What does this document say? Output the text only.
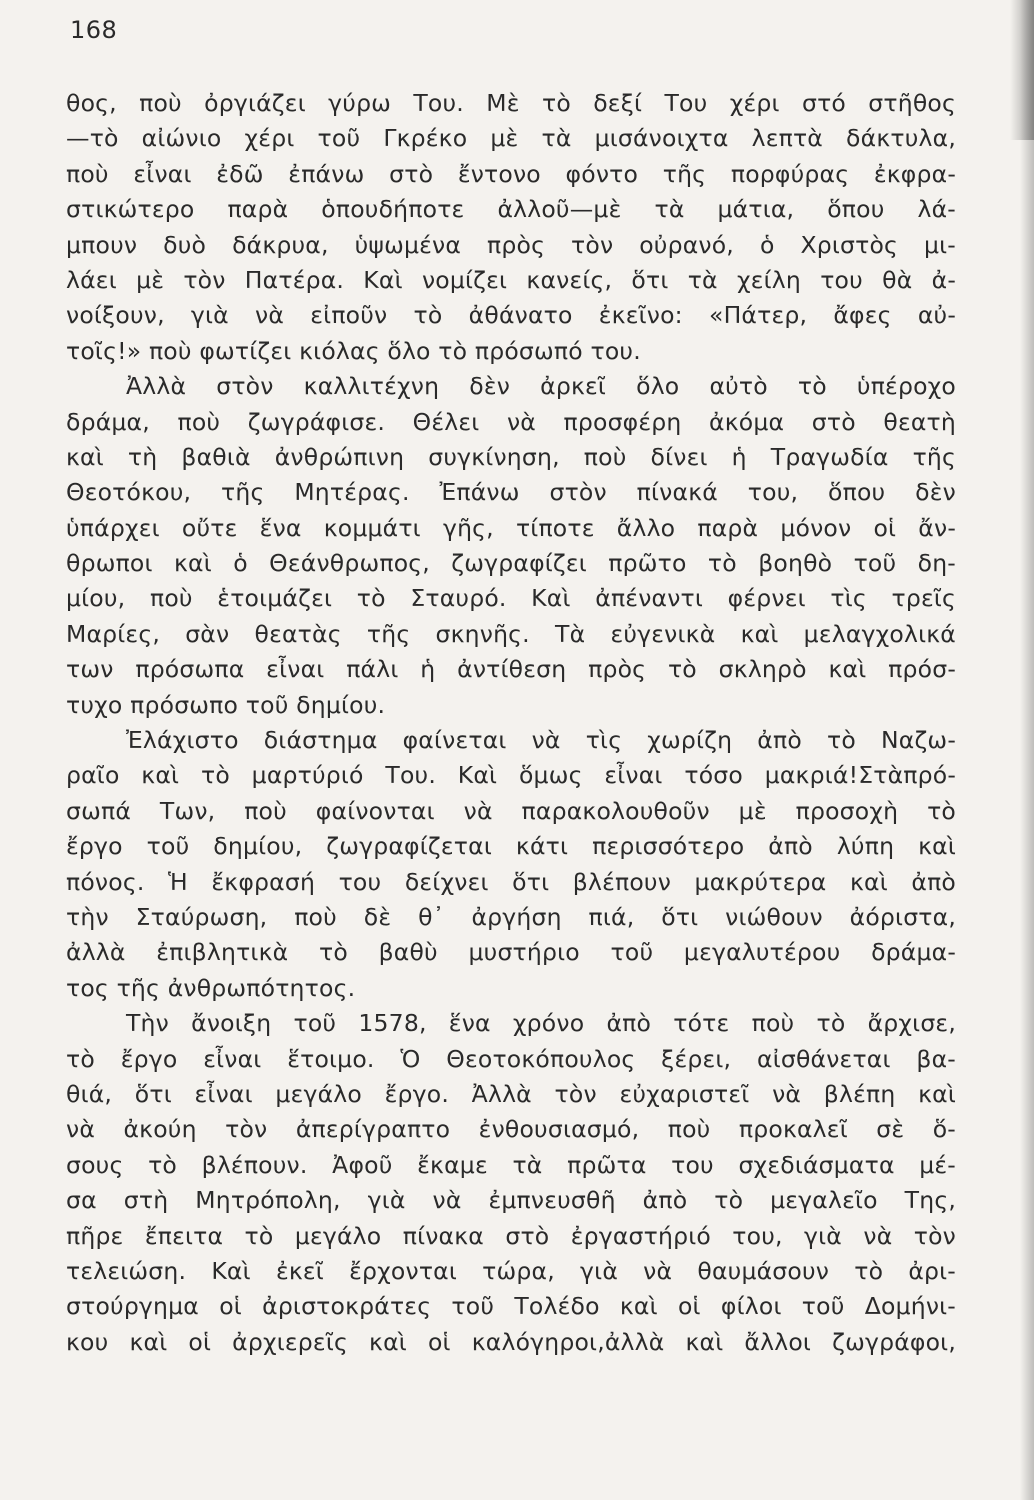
168
θος, ποὺ ὀργιάζει γύρω Του. Μὲ τὸ δεξί Του χέρι στό στῆθος
—τὸ αἰώνιο χέρι τοῦ Γκρέκο μὲ τὰ μισάνοιχτα λεπτὰ δάκτυλα,
ποὺ εἶναι ἐδῶ ἐπάνω στὸ ἔντονο φόντο τῆς πορφύρας ἐκφρα-
στικώτερο παρὰ ὁπουδήποτε ἀλλοῦ—μὲ τὰ μάτια, ὅπου λά-
μπουν δυὸ δάκρυα, ὑψωμένα πρὸς τὸν οὐρανό, ὁ Χριστὸς μι-
λάει μὲ τὸν Πατέρα. Καὶ νομίζει κανείς, ὅτι τὰ χείλη του θὰ ἀ-
νοίξουν, γιὰ νὰ εἰποῦν τὸ ἀθάνατο ἐκεῖνο: «Πάτερ, ἄφες αὐ-
τοῖς!» ποὺ φωτίζει κιόλας ὅλο τὸ πρόσωπό του.
Ἀλλὰ στὸν καλλιτέχνη δὲν ἀρκεῖ ὅλο αὐτὸ τὸ ὑπέροχο
δράμα, ποὺ ζωγράφισε. Θέλει νὰ προσφέρη ἀκόμα στὸ θεατὴ
καὶ τὴ βαθιὰ ἀνθρώπινη συγκίνηση, ποὺ δίνει ἡ Τραγωδία τῆς
Θεοτόκου, τῆς Μητέρας. Ἐπάνω στὸν πίνακά του, ὅπου δὲν
ὑπάρχει οὔτε ἕνα κομμάτι γῆς, τίποτε ἄλλο παρὰ μόνον οἱ ἄν-
θρωποι καὶ ὁ Θεάνθρωπος, ζωγραφίζει πρῶτο τὸ βοηθὸ τοῦ δη-
μίου, ποὺ ἑτοιμάζει τὸ Σταυρό. Καὶ ἀπέναντι φέρνει τὶς τρεῖς
Μαρίες, σὰν θεατὰς τῆς σκηνῆς. Τὰ εὐγενικὰ καὶ μελαγχολικά
των πρόσωπα εἶναι πάλι ἡ ἀντίθεση πρὸς τὸ σκληρὸ καὶ πρόσ-
τυχο πρόσωπο τοῦ δημίου.
Ἐλάχιστο διάστημα φαίνεται νὰ τὶς χωρίζη ἀπὸ τὸ Ναζω-
ραῖο καὶ τὸ μαρτύριό Του. Καὶ ὅμως εἶναι τόσο μακριά!Στὰπρό-
σωπά Των, ποὺ φαίνονται νὰ παρακολουθοῦν μὲ προσοχὴ τὸ
ἔργο τοῦ δημίου, ζωγραφίζεται κάτι περισσότερο ἀπὸ λύπη καὶ
πόνος. Ἡ ἔκφρασή του δείχνει ὅτι βλέπουν μακρύτερα καὶ ἀπὸ
τὴν Σταύρωση, ποὺ δὲ θ᾽ ἀργήση πιά, ὅτι νιώθουν ἀόριστα,
ἀλλὰ ἐπιβλητικὰ τὸ βαθὺ μυστήριο τοῦ μεγαλυτέρου δράμα-
τος τῆς ἀνθρωπότητος.
Τὴν ἄνοιξη τοῦ 1578, ἕνα χρόνο ἀπὸ τότε ποὺ τὸ ἄρχισε,
τὸ ἔργο εἶναι ἕτοιμο. Ὁ Θεοτοκόπουλος ξέρει, αἰσθάνεται βα-
θιά, ὅτι εἶναι μεγάλο ἔργο. Ἀλλὰ τὸν εὐχαριστεῖ νὰ βλέπη καὶ
νὰ ἀκούη τὸν ἀπερίγραπτο ἐνθουσιασμό, ποὺ προκαλεῖ σὲ ὅ-
σους τὸ βλέπουν. Ἀφοῦ ἔκαμε τὰ πρῶτα του σχεδιάσματα μέ-
σα στὴ Μητρόπολη, γιὰ νὰ ἐμπνευσθῆ ἀπὸ τὸ μεγαλεῖο Της,
πῆρε ἔπειτα τὸ μεγάλο πίνακα στὸ ἐργαστήριό του, γιὰ νὰ τὸν
τελειώση. Καὶ ἐκεῖ ἔρχονται τώρα, γιὰ νὰ θαυμάσουν τὸ ἀρι-
στούργημα οἱ ἀριστοκράτες τοῦ Τολέδο καὶ οἱ φίλοι τοῦ Δομήνι-
κου καὶ οἱ ἀρχιερεῖς καὶ οἱ καλόγηροι,ἀλλὰ καὶ ἄλλοι ζωγράφοι,
